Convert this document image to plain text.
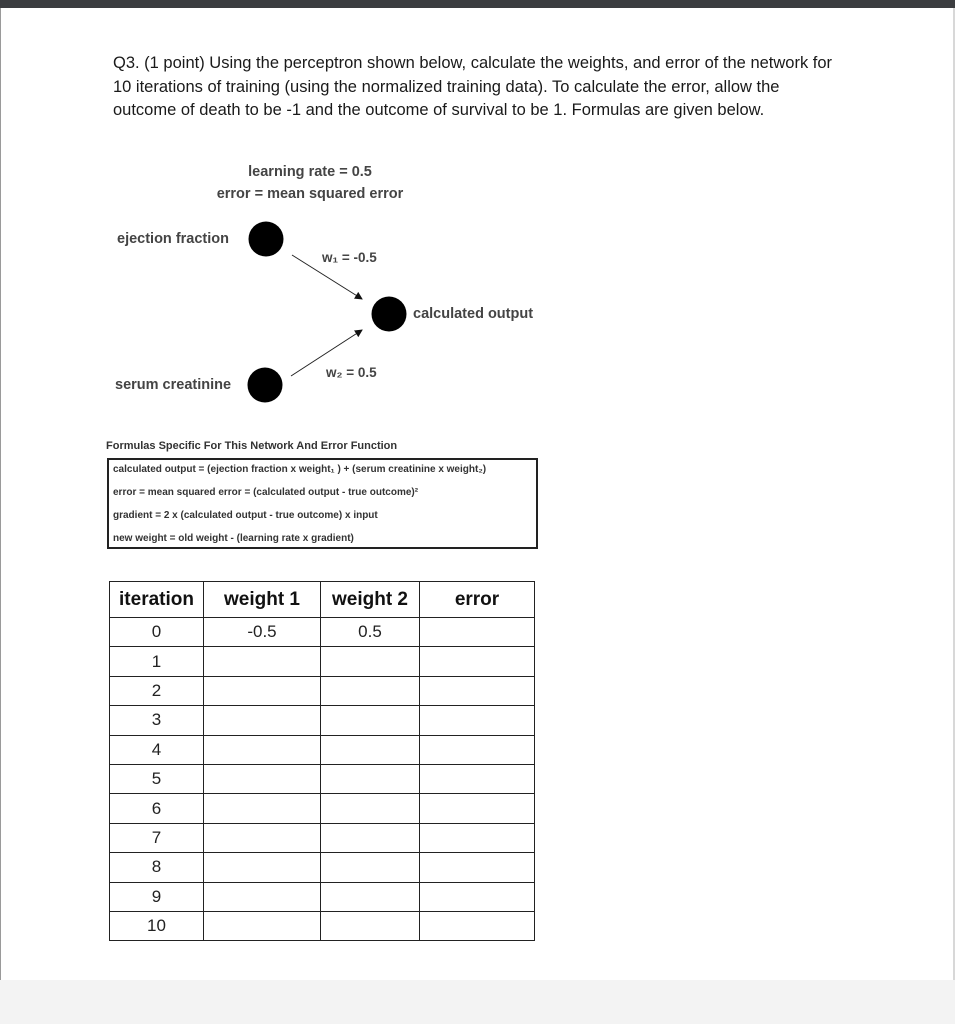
Q3. (1 point) Using the perceptron shown below, calculate the weights, and error of the network for 10 iterations of training (using the normalized training data). To calculate the error, allow the outcome of death to be -1 and the outcome of survival to be 1. Formulas are given below.
learning rate = 0.5
error = mean squared error
ejection fraction
serum creatinine
calculated output
w₁ = -0.5
w₂ = 0.5
Formulas Specific For This Network And Error Function
calculated output = (ejection fraction x weight₁ ) + (serum creatinine x weight₂)
error = mean squared error = (calculated output - true outcome)²
gradient = 2 x (calculated output - true outcome) x input
new weight = old weight - (learning rate x gradient)
iteration	weight 1	weight 2	error
0	-0.5	0.5	
1			
2			
3			
4			
5			
6			
7			
8			
9			
10			
